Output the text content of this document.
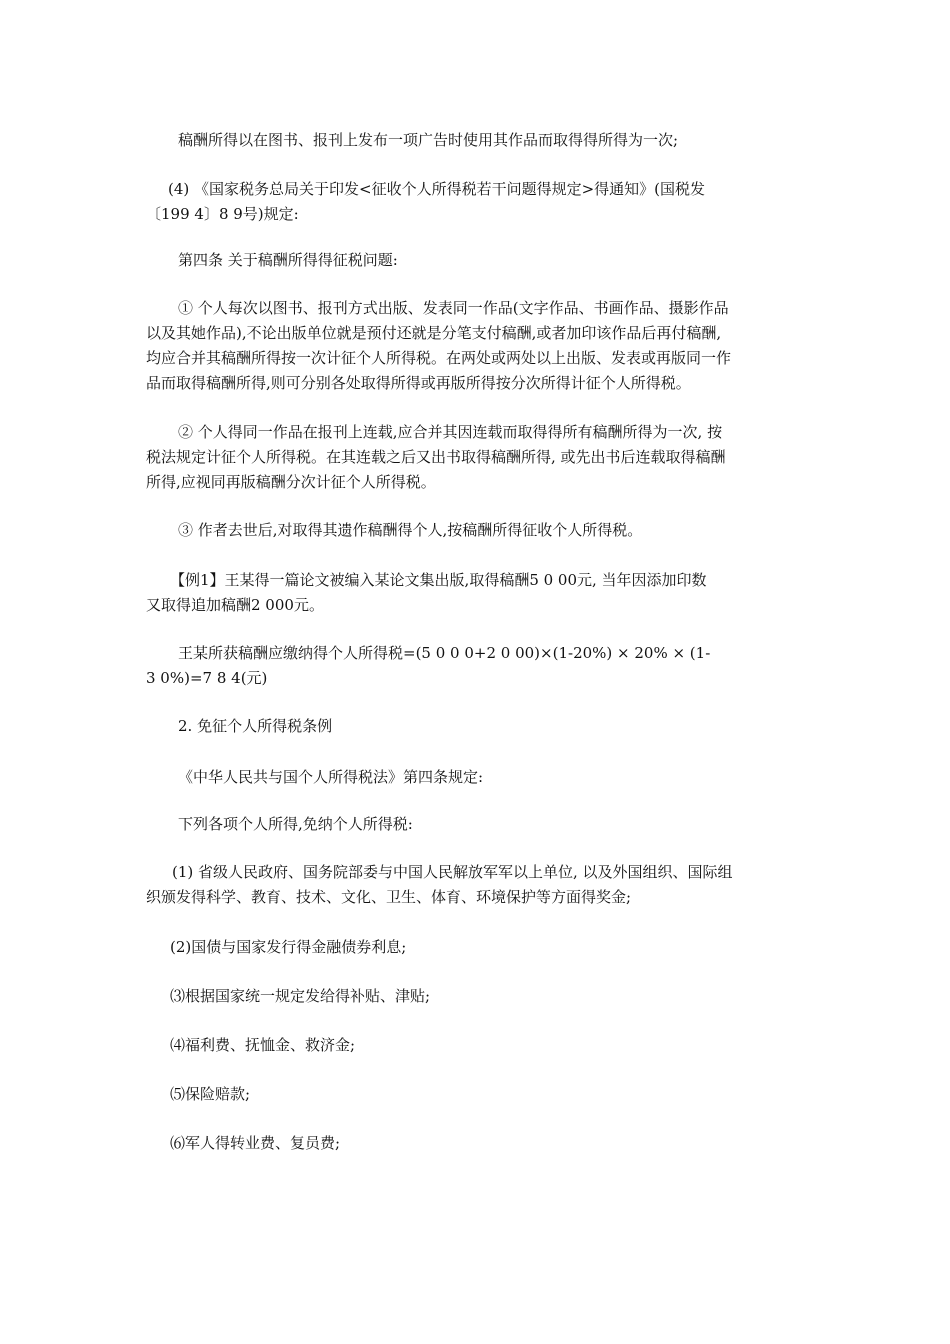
稿酬所得以在图书、报刊上发布一项广告时使用其作品而取得得所得为一次;
(4) 《国家税务总局关于印发<征收个人所得税若干问题得规定>得通知》(国税发
〔199 4〕8 9号)规定:
第四条 关于稿酬所得得征税问题:
① 个人每次以图书、报刊方式出版、发表同一作品(文字作品、书画作品、摄影作品
以及其她作品),不论出版单位就是预付还就是分笔支付稿酬,或者加印该作品后再付稿酬,
均应合并其稿酬所得按一次计征个人所得税。在两处或两处以上出版、发表或再版同一作
品而取得稿酬所得,则可分别各处取得所得或再版所得按分次所得计征个人所得税。
② 个人得同一作品在报刊上连载,应合并其因连载而取得得所有稿酬所得为一次, 按
税法规定计征个人所得税。在其连载之后又出书取得稿酬所得, 或先出书后连载取得稿酬
所得,应视同再版稿酬分次计征个人所得税。
③ 作者去世后,对取得其遗作稿酬得个人,按稿酬所得征收个人所得税。
【例1】王某得一篇论文被编入某论文集出版,取得稿酬5 0 00元, 当年因添加印数
又取得追加稿酬2 000元。
王某所获稿酬应缴纳得个人所得税=(5 0 0 0+2 0 00)×(1-20%) × 20% × (1-
3 0%)=7 8 4(元)
2. 免征个人所得税条例
《中华人民共与国个人所得税法》第四条规定:
下列各项个人所得,免纳个人所得税:
(1) 省级人民政府、国务院部委与中国人民解放军军以上单位, 以及外国组织、国际组
织颁发得科学、教育、技术、文化、卫生、体育、环境保护等方面得奖金;
(2)国债与国家发行得金融债券利息;
⑶根据国家统一规定发给得补贴、津贴;
⑷福利费、抚恤金、救济金;
⑸保险赔款;
⑹军人得转业费、复员费;
